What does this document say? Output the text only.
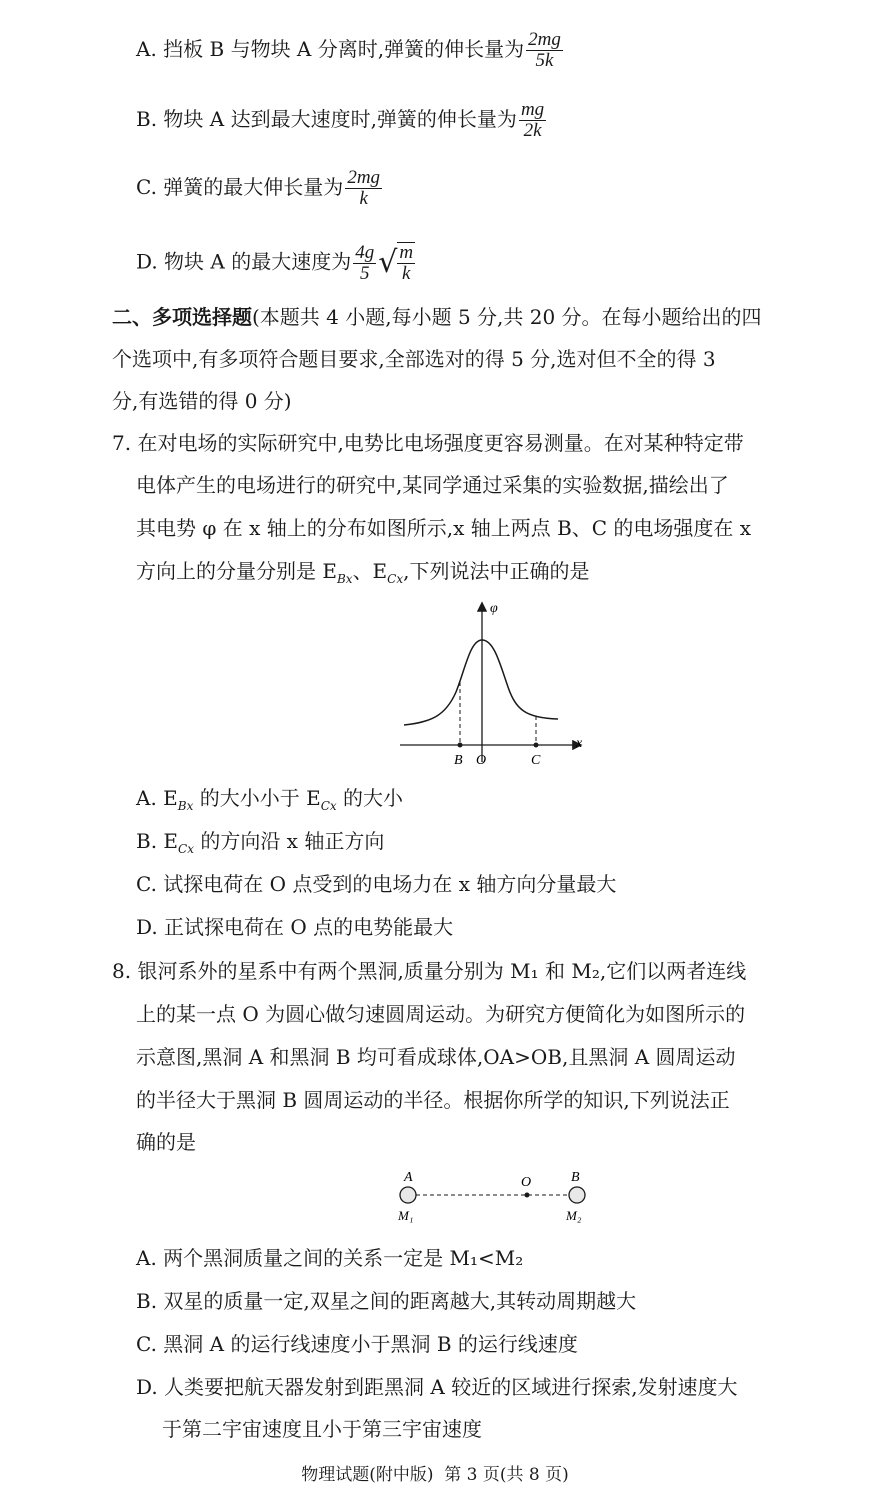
A. 挡板 B 与物块 A 分离时,弹簧的伸长量为 $\frac{2mg}{5k}$
B. 物块 A 达到最大速度时,弹簧的伸长量为 $\frac{mg}{2k}$
C. 弹簧的最大伸长量为 $\frac{2mg}{k}$
D. 物块 A 的最大速度为 $\frac{4g}{5}$ √ $\frac{m}{k}$
二、多项选择题(本题共 4 小题,每小题 5 分,共 20 分。在每小题给出的四
个选项中,有多项符合题目要求,全部选对的得 5 分,选对但不全的得 3
分,有选错的得 0 分)
7. 在对电场的实际研究中,电势比电场强度更容易测量。在对某种特定带
电体产生的电场进行的研究中,某同学通过采集的实验数据,描绘出了
其电势 φ 在 x 轴上的分布如图所示,x 轴上两点 B、C 的电场强度在 x
方向上的分量分别是 $E_{Bx}$、$E_{Cx}$,下列说法中正确的是
φ
x
B O	C
A. $E_{Bx}$ 的大小小于 $E_{Cx}$ 的大小
B. $E_{Cx}$ 的方向沿 x 轴正方向
C. 试探电荷在 O 点受到的电场力在 x 轴方向分量最大
D. 正试探电荷在 O 点的电势能最大
8. 银河系外的星系中有两个黑洞,质量分别为 M₁ 和 M₂,它们以两者连线
上的某一点 O 为圆心做匀速圆周运动。为研究方便简化为如图所示的
示意图,黑洞 A 和黑洞 B 均可看成球体,OA>OB,且黑洞 A 圆周运动
的半径大于黑洞 B 圆周运动的半径。根据你所学的知识,下列说法正
确的是
A	O	B
M₁	M₂
A. 两个黑洞质量之间的关系一定是 M₁<M₂
B. 双星的质量一定,双星之间的距离越大,其转动周期越大
C. 黑洞 A 的运行线速度小于黑洞 B 的运行线速度
D. 人类要把航天器发射到距黑洞 A 较近的区域进行探索,发射速度大
于第二宇宙速度且小于第三宇宙速度
物理试题(附中版)  第 3 页(共 8 页)
